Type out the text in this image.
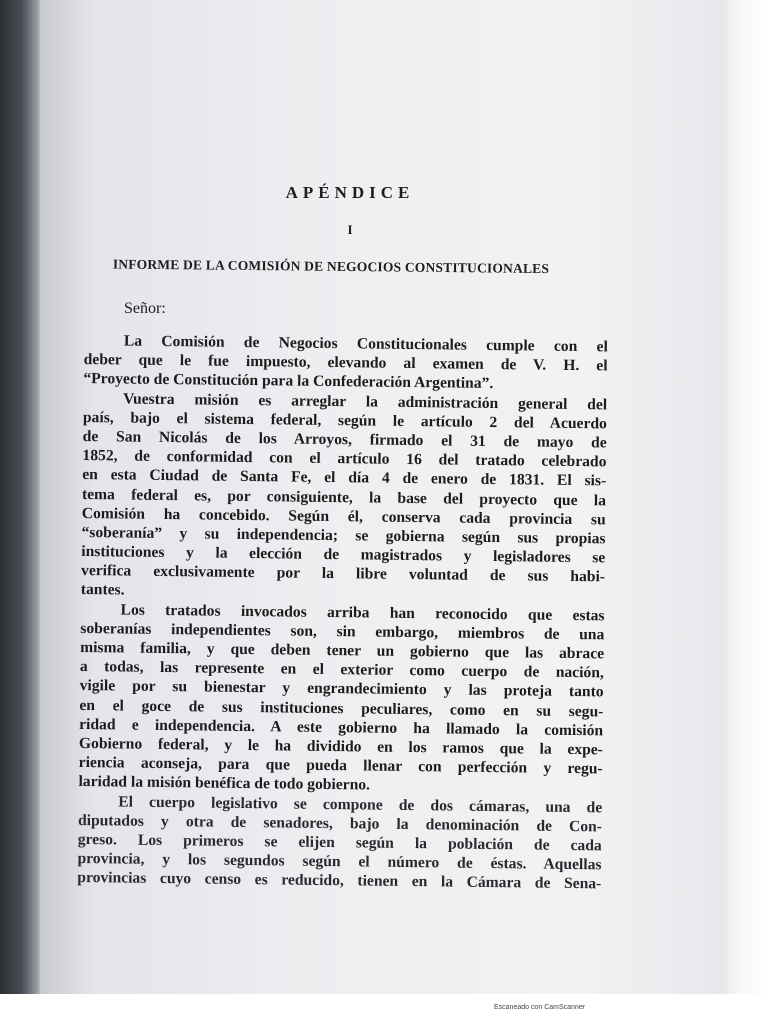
APÉNDICE
I
INFORME DE LA COMISIÓN DE NEGOCIOS CONSTITUCIONALES
Señor:
La Comisión de Negocios Constitucionales cumple con el
deber que le fue impuesto, elevando al examen de V. H. el
“Proyecto de Constitución para la Confederación Argentina”.
Vuestra misión es arreglar la administración general del
país, bajo el sistema federal, según le artículo 2 del Acuerdo
de San Nicolás de los Arroyos, firmado el 31 de mayo de
1852, de conformidad con el artículo 16 del tratado celebrado
en esta Ciudad de Santa Fe, el día 4 de enero de 1831. El sis-
tema federal es, por consiguiente, la base del proyecto que la
Comisión ha concebido. Según él, conserva cada provincia su
“soberanía” y su independencia; se gobierna según sus propias
instituciones y la elección de magistrados y legisladores se
verifica exclusivamente por la libre voluntad de sus habi-
tantes.
Los tratados invocados arriba han reconocido que estas
soberanías independientes son, sin embargo, miembros de una
misma familia, y que deben tener un gobierno que las abrace
a todas, las represente en el exterior como cuerpo de nación,
vigile por su bienestar y engrandecimiento y las proteja tanto
en el goce de sus instituciones peculiares, como en su segu-
ridad e independencia. A este gobierno ha llamado la comisión
Gobierno federal, y le ha dividido en los ramos que la expe-
riencia aconseja, para que pueda llenar con perfección y regu-
laridad la misión benéfica de todo gobierno.
El cuerpo legislativo se compone de dos cámaras, una de
diputados y otra de senadores, bajo la denominación de Con-
greso. Los primeros se elijen según la población de cada
provincia, y los segundos según el número de éstas. Aquellas
provincias cuyo censo es reducido, tienen en la Cámara de Sena-
Escaneado con CamScanner
